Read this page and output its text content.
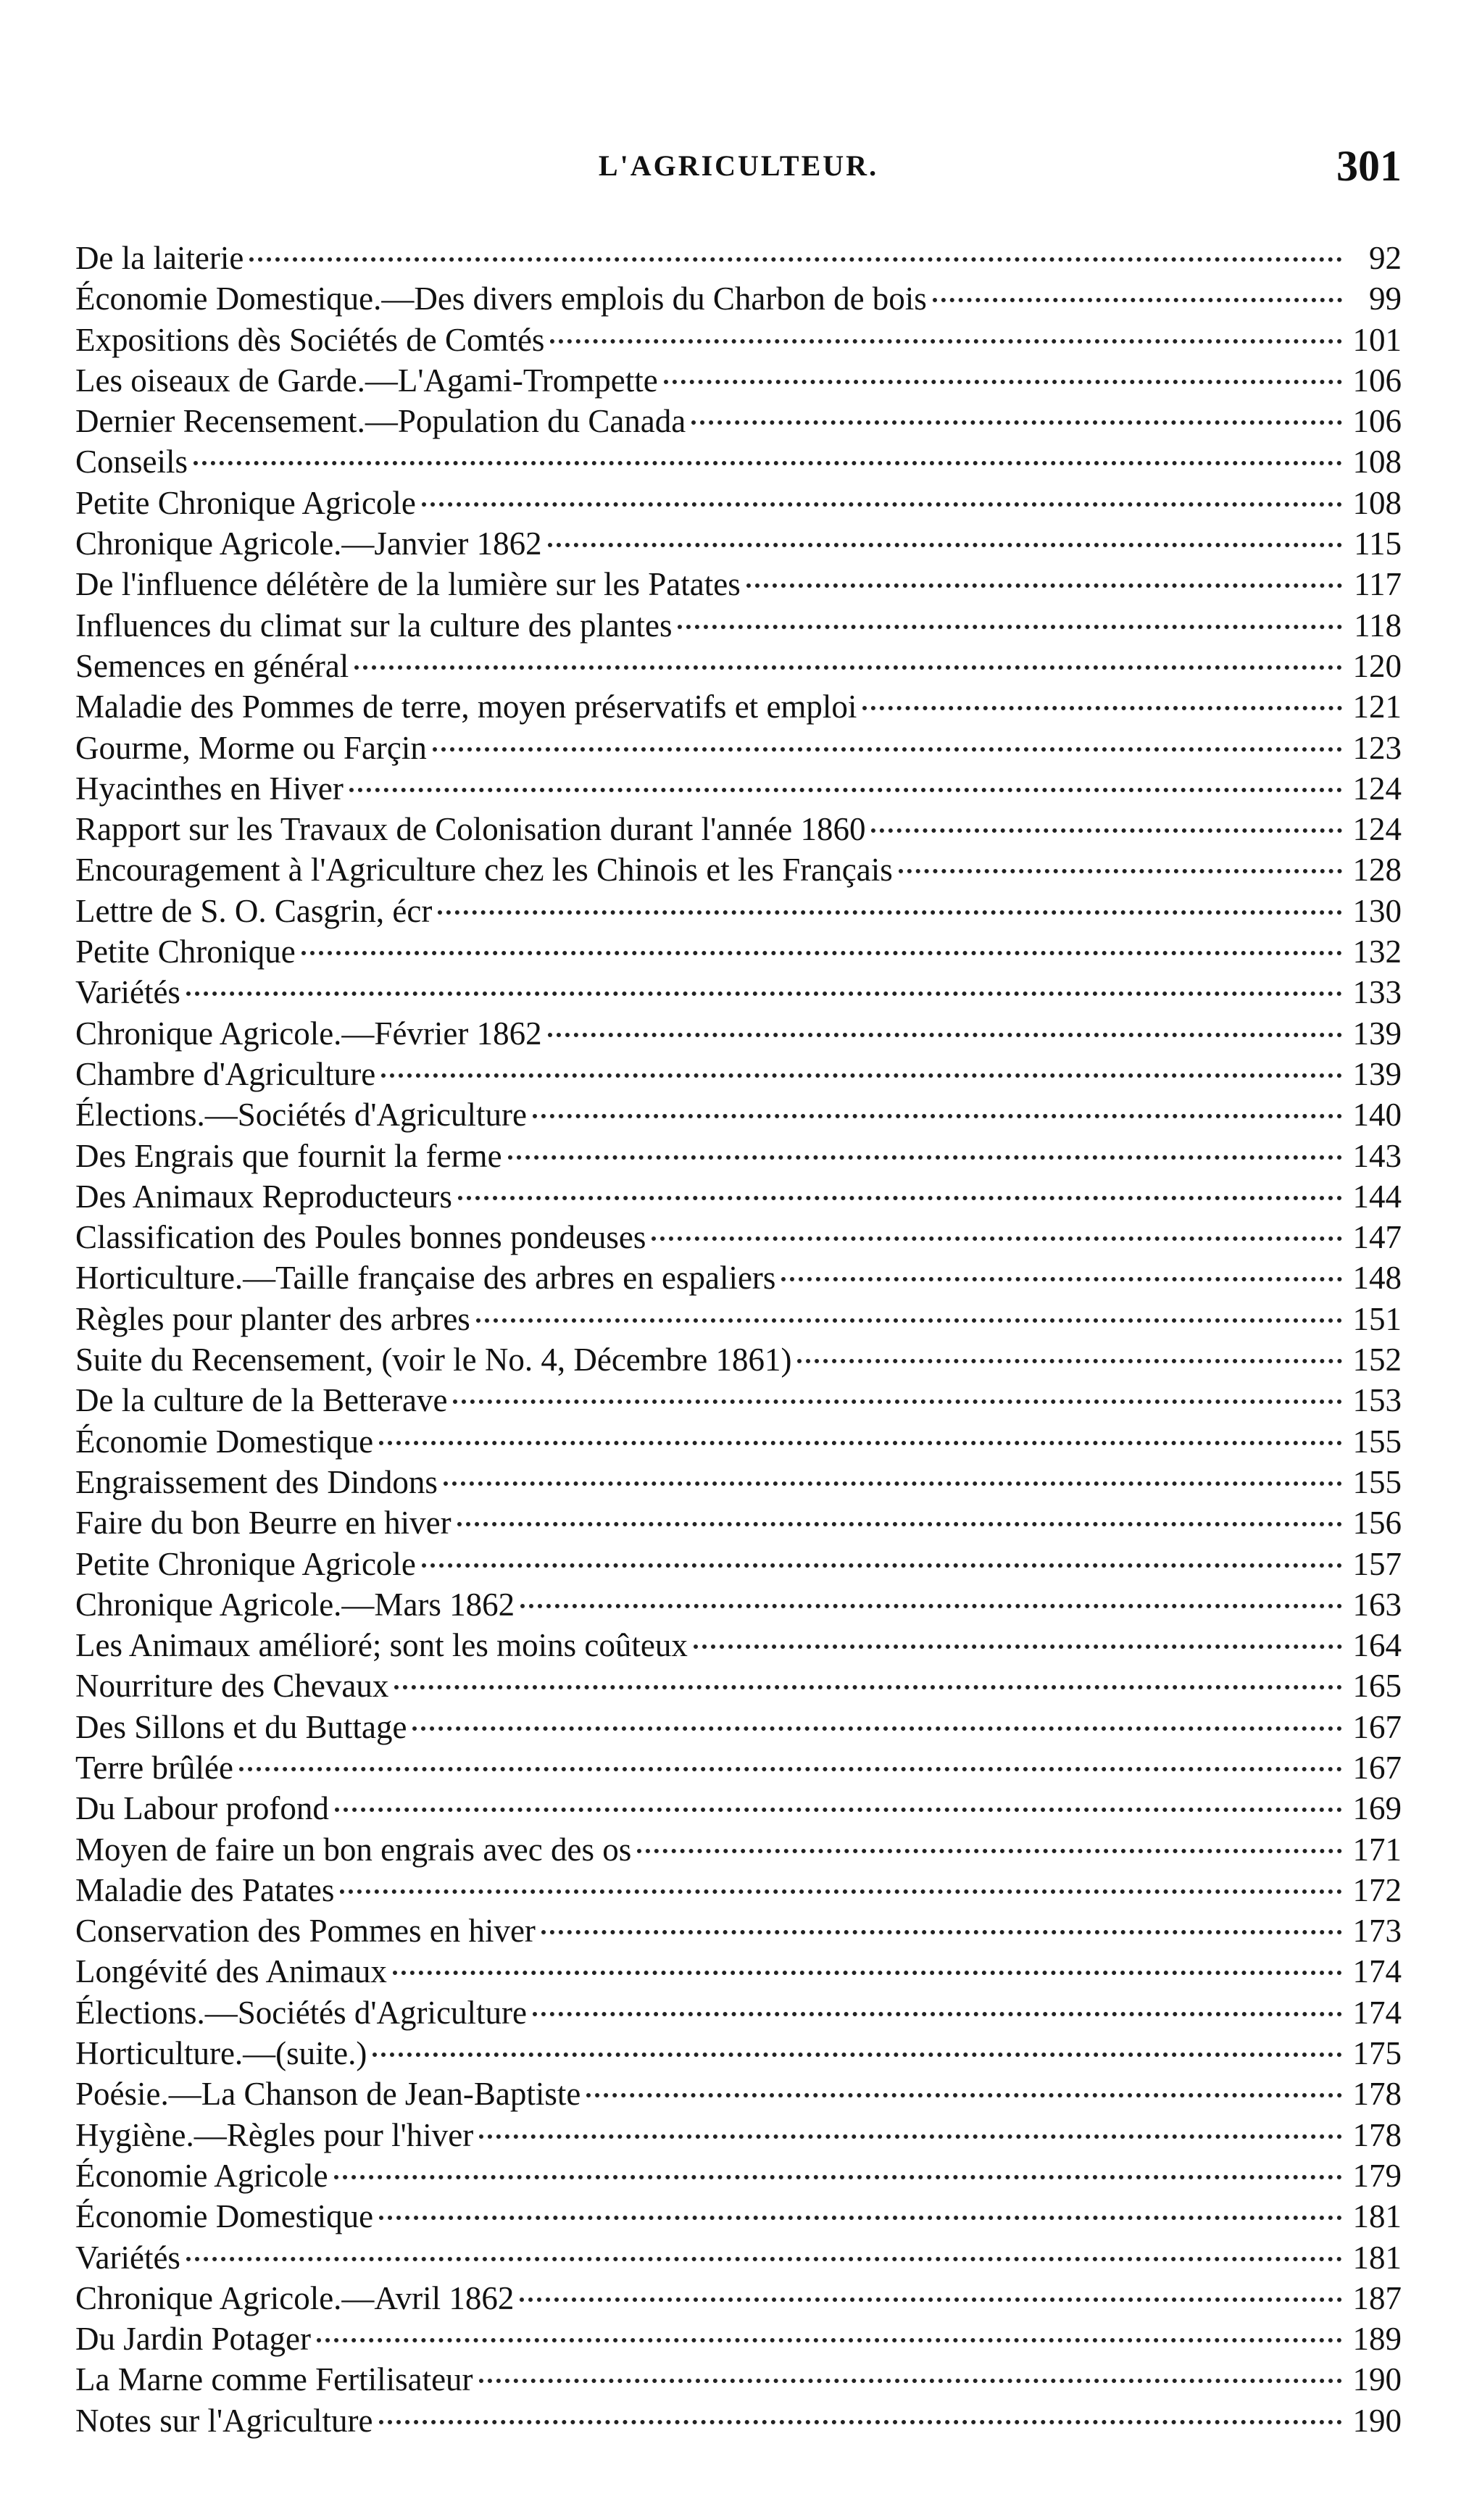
L'AGRICULTEUR.	301
De la laiterie	92
Économie Domestique.—Des divers emplois du Charbon de bois	99
Expositions dès Sociétés de Comtés	101
Les oiseaux de Garde.—L'Agami-Trompette	106
Dernier Recensement.—Population du Canada	106
Conseils	108
Petite Chronique Agricole	108
Chronique Agricole.—Janvier 1862	115
De l'influence délétère de la lumière sur les Patates	117
Influences du climat sur la culture des plantes	118
Semences en général	120
Maladie des Pommes de terre, moyen préservatifs et emploi	121
Gourme, Morme ou Farçin	123
Hyacinthes en Hiver	124
Rapport sur les Travaux de Colonisation durant l'année 1860	124
Encouragement à l'Agriculture chez les Chinois et les Français	128
Lettre de S. O. Casgrin, écr	130
Petite Chronique	132
Variétés	133
Chronique Agricole.—Février 1862	139
Chambre d'Agriculture	139
Élections.—Sociétés d'Agriculture	140
Des Engrais que fournit la ferme	143
Des Animaux Reproducteurs	144
Classification des Poules bonnes pondeuses	147
Horticulture.—Taille française des arbres en espaliers	148
Règles pour planter des arbres	151
Suite du Recensement, (voir le No. 4, Décembre 1861)	152
De la culture de la Betterave	153
Économie Domestique	155
Engraissement des Dindons	155
Faire du bon Beurre en hiver	156
Petite Chronique Agricole	157
Chronique Agricole.—Mars 1862	163
Les Animaux amélioré; sont les moins coûteux	164
Nourriture des Chevaux	165
Des Sillons et du Buttage	167
Terre brûlée	167
Du Labour profond	169
Moyen de faire un bon engrais avec des os	171
Maladie des Patates	172
Conservation des Pommes en hiver	173
Longévité des Animaux	174
Élections.—Sociétés d'Agriculture	174
Horticulture.—(suite.)	175
Poésie.—La Chanson de Jean-Baptiste	178
Hygiène.—Règles pour l'hiver	178
Économie Agricole	179
Économie Domestique	181
Variétés	181
Chronique Agricole.—Avril 1862	187
Du Jardin Potager	189
La Marne comme Fertilisateur	190
Notes sur l'Agriculture	190
